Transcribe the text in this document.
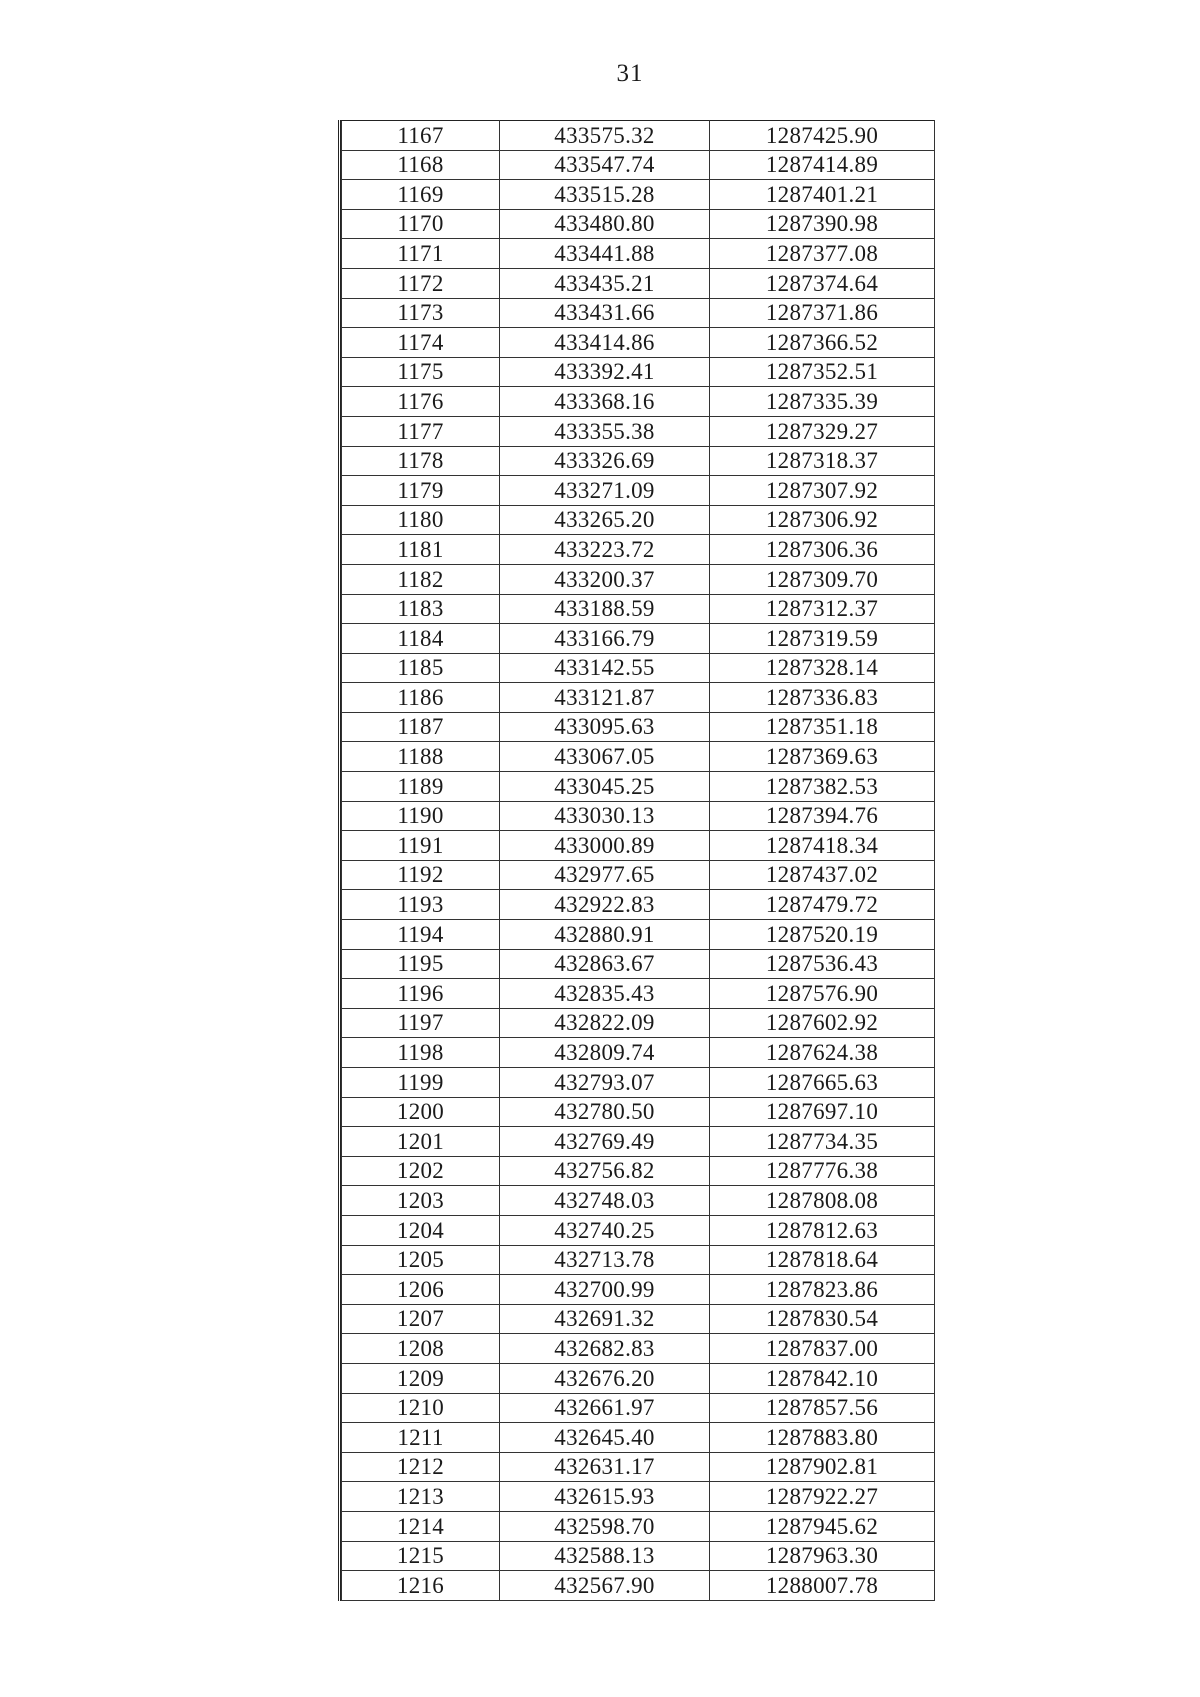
31
1167	433575.32	1287425.90
1168	433547.74	1287414.89
1169	433515.28	1287401.21
1170	433480.80	1287390.98
1171	433441.88	1287377.08
1172	433435.21	1287374.64
1173	433431.66	1287371.86
1174	433414.86	1287366.52
1175	433392.41	1287352.51
1176	433368.16	1287335.39
1177	433355.38	1287329.27
1178	433326.69	1287318.37
1179	433271.09	1287307.92
1180	433265.20	1287306.92
1181	433223.72	1287306.36
1182	433200.37	1287309.70
1183	433188.59	1287312.37
1184	433166.79	1287319.59
1185	433142.55	1287328.14
1186	433121.87	1287336.83
1187	433095.63	1287351.18
1188	433067.05	1287369.63
1189	433045.25	1287382.53
1190	433030.13	1287394.76
1191	433000.89	1287418.34
1192	432977.65	1287437.02
1193	432922.83	1287479.72
1194	432880.91	1287520.19
1195	432863.67	1287536.43
1196	432835.43	1287576.90
1197	432822.09	1287602.92
1198	432809.74	1287624.38
1199	432793.07	1287665.63
1200	432780.50	1287697.10
1201	432769.49	1287734.35
1202	432756.82	1287776.38
1203	432748.03	1287808.08
1204	432740.25	1287812.63
1205	432713.78	1287818.64
1206	432700.99	1287823.86
1207	432691.32	1287830.54
1208	432682.83	1287837.00
1209	432676.20	1287842.10
1210	432661.97	1287857.56
1211	432645.40	1287883.80
1212	432631.17	1287902.81
1213	432615.93	1287922.27
1214	432598.70	1287945.62
1215	432588.13	1287963.30
1216	432567.90	1288007.78
